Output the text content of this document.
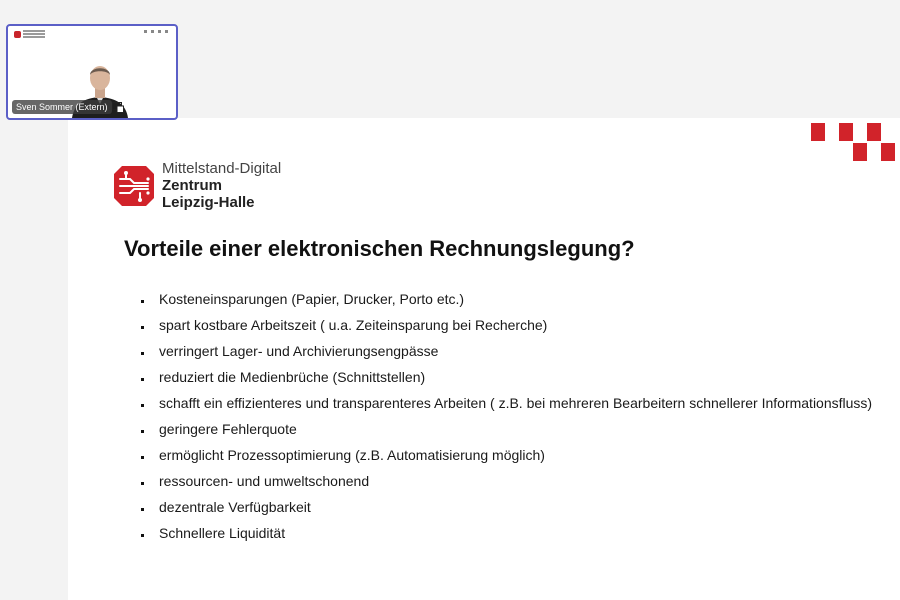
Mittelstand-Digital
Zentrum
Leipzig-Halle
Vorteile einer elektronischen Rechnungslegung?
Kosteneinsparungen (Papier, Drucker, Porto etc.)
spart kostbare Arbeitszeit ( u.a. Zeiteinsparung bei Recherche)
verringert Lager- und Archivierungsengpässe
reduziert die Medienbrüche (Schnittstellen)
schafft ein effizienteres und transparenteres Arbeiten ( z.B. bei mehreren Bearbeitern schnellerer Informationsfluss)
geringere Fehlerquote
ermöglicht Prozessoptimierung (z.B. Automatisierung möglich)
ressourcen- und umweltschonend
dezentrale Verfügbarkeit
Schnellere Liquidität
Sven Sommer (Extern)
